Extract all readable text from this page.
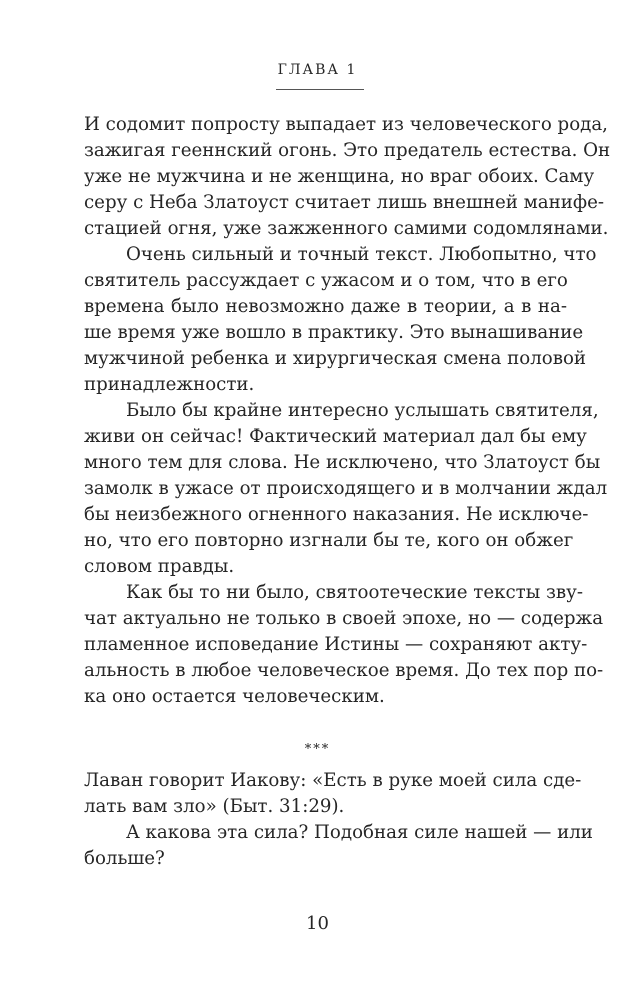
ГЛАВА 1
И содомит попросту выпадает из человеческого рода,
зажигая гееннский огонь. Это предатель естества. Он
уже не мужчина и не женщина, но враг обоих. Саму
серу с Неба Златоуст считает лишь внешней манифе-
стацией огня, уже зажженного самими содомлянами.
Очень сильный и точный текст. Любопытно, что
святитель рассуждает с ужасом и о том, что в его
времена было невозможно даже в теории, а в на-
ше время уже вошло в практику. Это вынашивание
мужчиной ребенка и хирургическая смена половой
принадлежности.
Было бы крайне интересно услышать святителя,
живи он сейчас! Фактический материал дал бы ему
много тем для слова. Не исключено, что Златоуст бы
замолк в ужасе от происходящего и в молчании ждал
бы неизбежного огненного наказания. Не исключе-
но, что его повторно изгнали бы те, кого он обжег
словом правды.
Как бы то ни было, святоотеческие тексты зву-
чат актуально не только в своей эпохе, но — содержа
пламенное исповедание Истины — сохраняют акту-
альность в любое человеческое время. До тех пор по-
ка оно остается человеческим.
***
Лаван говорит Иакову: «Есть в руке моей сила сде-
лать вам зло» (Быт. 31:29).
А какова эта сила? Подобная силе нашей — или
больше?
10
